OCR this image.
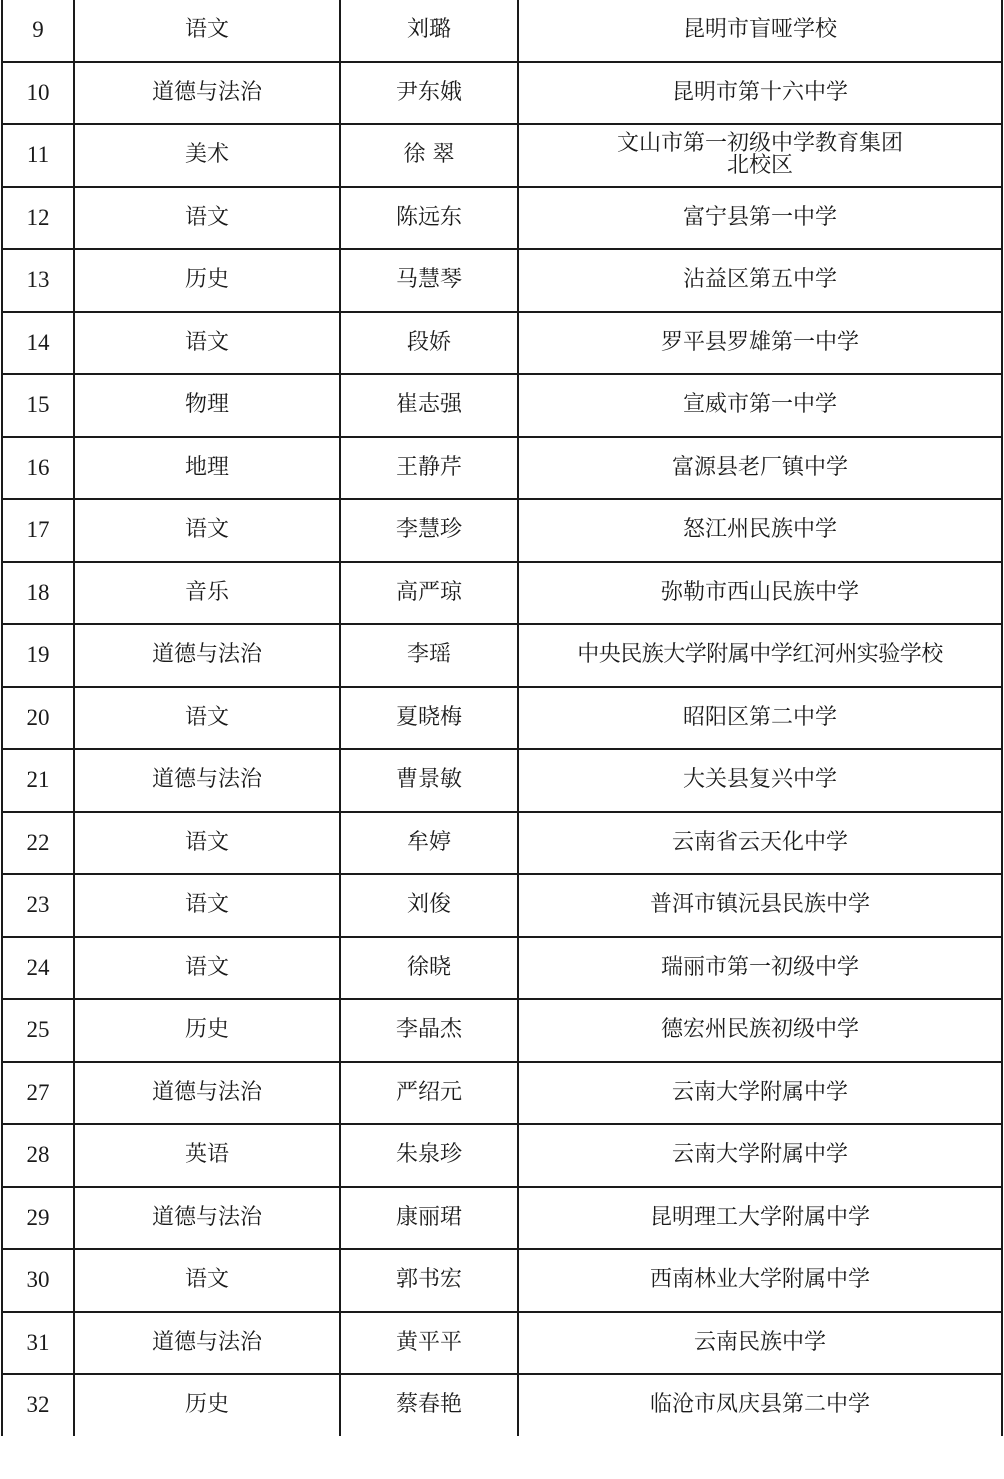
9	语文	刘璐	昆明市盲哑学校
10	道德与法治	尹东娥	昆明市第十六中学
11	美术	徐 翠	文山市第一初级中学教育集团北校区
12	语文	陈远东	富宁县第一中学
13	历史	马慧琴	沾益区第五中学
14	语文	段娇	罗平县罗雄第一中学
15	物理	崔志强	宣威市第一中学
16	地理	王静芹	富源县老厂镇中学
17	语文	李慧珍	怒江州民族中学
18	音乐	高严琼	弥勒市西山民族中学
19	道德与法治	李瑶	中央民族大学附属中学红河州实验学校
20	语文	夏晓梅	昭阳区第二中学
21	道德与法治	曹景敏	大关县复兴中学
22	语文	牟婷	云南省云天化中学
23	语文	刘俊	普洱市镇沅县民族中学
24	语文	徐晓	瑞丽市第一初级中学
25	历史	李晶杰	德宏州民族初级中学
27	道德与法治	严绍元	云南大学附属中学
28	英语	朱泉珍	云南大学附属中学
29	道德与法治	康丽珺	昆明理工大学附属中学
30	语文	郭书宏	西南林业大学附属中学
31	道德与法治	黄平平	云南民族中学
32	历史	蔡春艳	临沧市凤庆县第二中学
